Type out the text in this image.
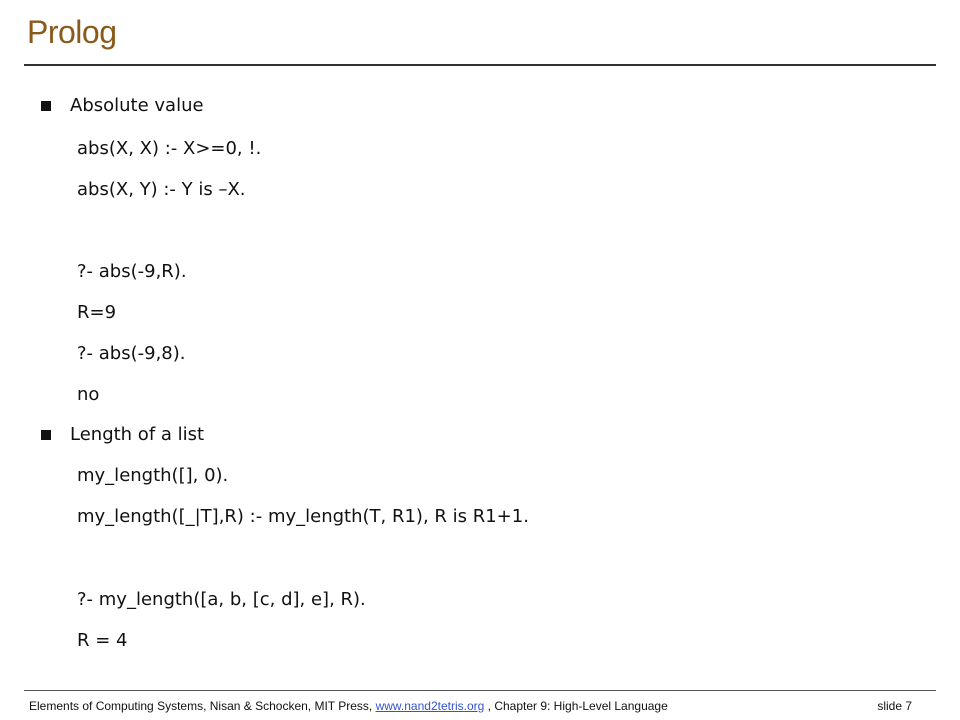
Prolog
Absolute value
abs(X, X) :- X>=0, !.
abs(X, Y) :- Y is –X.
?- abs(-9,R).
R=9
?- abs(-9,8).
no
Length of a list
my_length([], 0).
my_length([_|T],R) :- my_length(T, R1), R is R1+1.
?- my_length([a, b, [c, d], e], R).
R = 4
Elements of Computing Systems, Nisan & Schocken, MIT Press, www.nand2tetris.org , Chapter 9: High-Level Language	slide 7
